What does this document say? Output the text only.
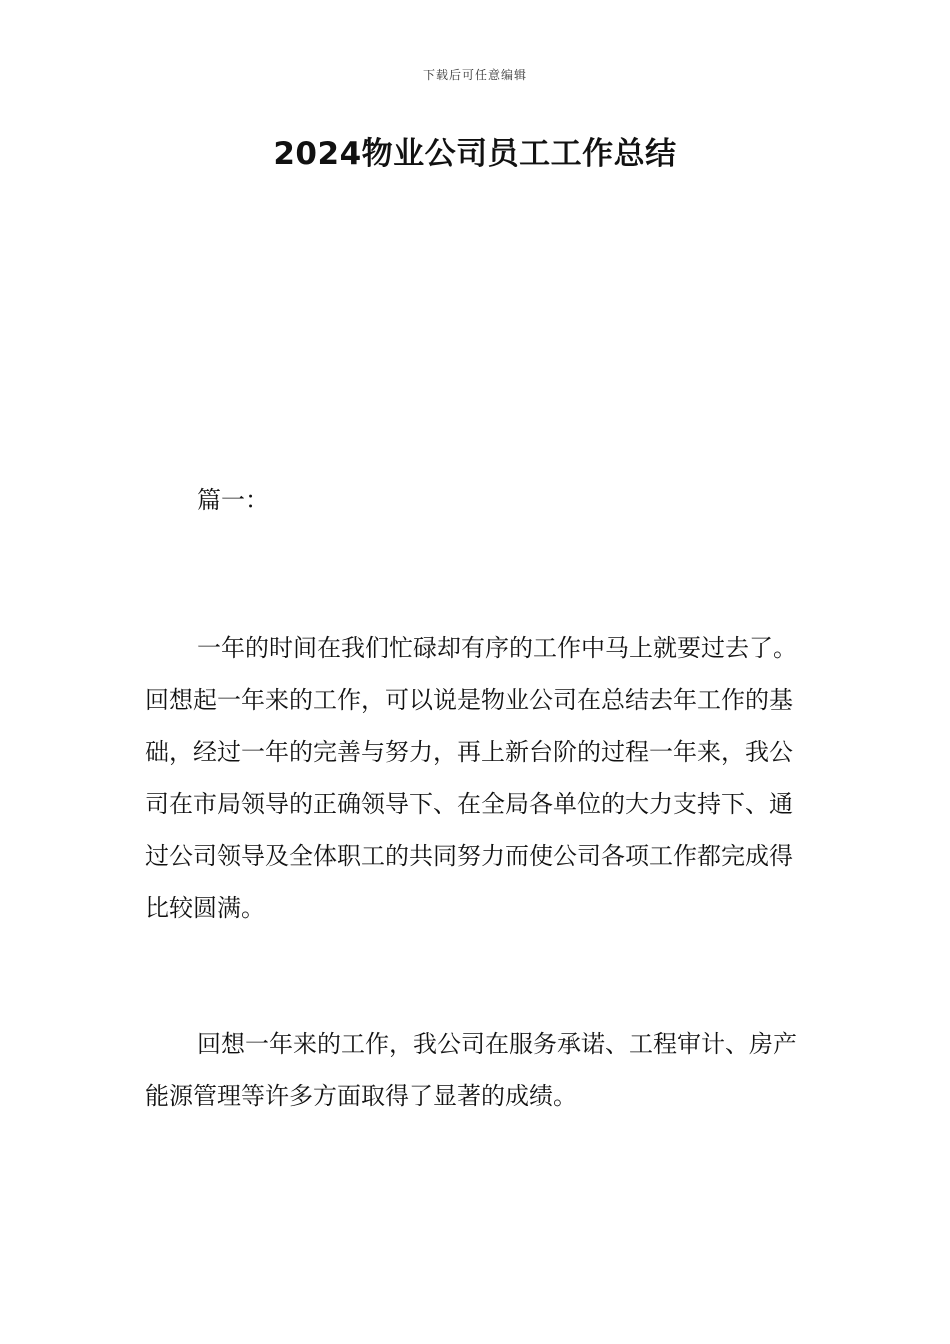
下载后可任意编辑
2024物业公司员工工作总结
篇一：

一年的时间在我们忙碌却有序的工作中马上就要过去了。回想起一年来的工作，可以说是物业公司在总结去年工作的基础，经过一年的完善与努力，再上新台阶的过程一年来，我公司在市局领导的正确领导下、在全局各单位的大力支持下、通过公司领导及全体职工的共同努力而使公司各项工作都完成得比较圆满。

回想一年来的工作，我公司在服务承诺、工程审计、房产能源管理等许多方面取得了显著的成绩。
